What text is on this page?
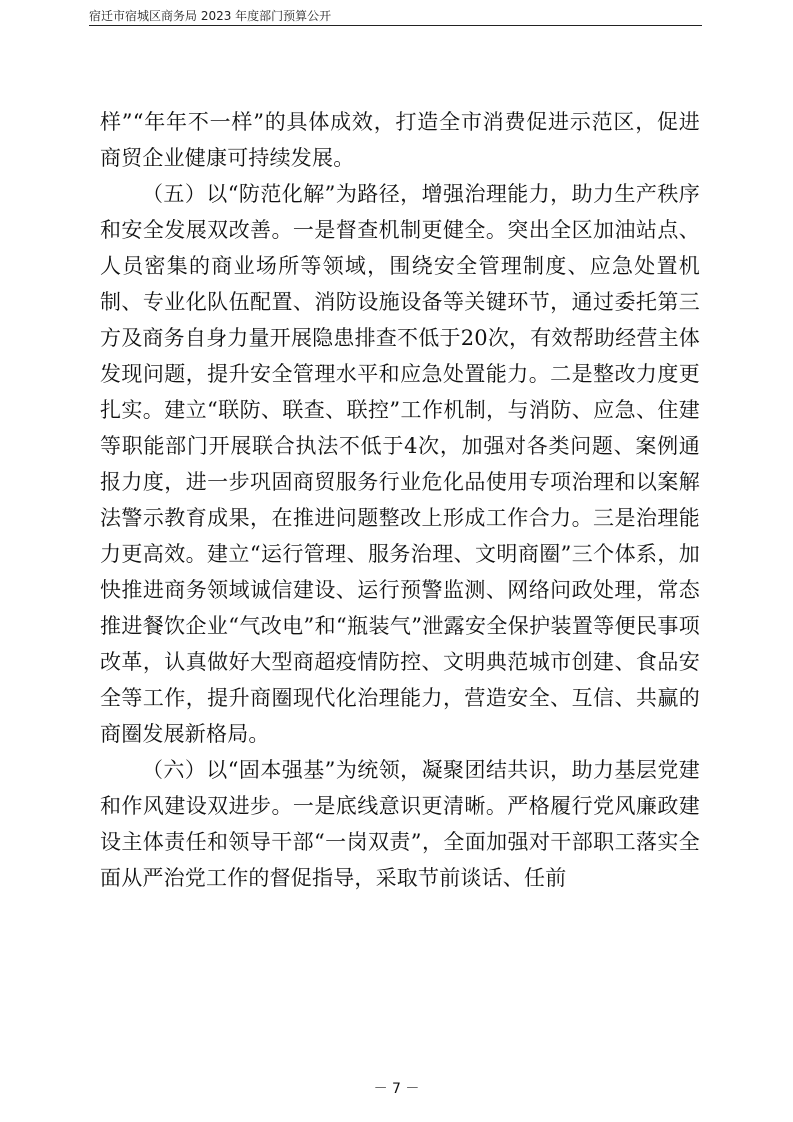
宿迁市宿城区商务局 2023 年度部门预算公开

样”“年年不一样”的具体成效，打造全市消费促进示范区，促进商贸企业健康可持续发展。

（五）以“防范化解”为路径，增强治理能力，助力生产秩序和安全发展双改善。一是督查机制更健全。突出全区加油站点、人员密集的商业场所等领域，围绕安全管理制度、应急处置机制、专业化队伍配置、消防设施设备等关键环节，通过委托第三方及商务自身力量开展隐患排查不低于20次，有效帮助经营主体发现问题，提升安全管理水平和应急处置能力。二是整改力度更扎实。建立“联防、联查、联控”工作机制，与消防、应急、住建等职能部门开展联合执法不低于4次，加强对各类问题、案例通报力度，进一步巩固商贸服务行业危化品使用专项治理和以案解法警示教育成果，在推进问题整改上形成工作合力。三是治理能力更高效。建立“运行管理、服务治理、文明商圈”三个体系，加快推进商务领域诚信建设、运行预警监测、网络问政处理，常态推进餐饮企业“气改电”和“瓶装气”泄露安全保护装置等便民事项改革，认真做好大型商超疫情防控、文明典范城市创建、食品安全等工作，提升商圈现代化治理能力，营造安全、互信、共赢的商圈发展新格局。

（六）以“固本强基”为统领，凝聚团结共识，助力基层党建和作风建设双进步。一是底线意识更清晰。严格履行党风廉政建设主体责任和领导干部“一岗双责”，全面加强对干部职工落实全面从严治党工作的督促指导，采取节前谈话、任前

－ 7 －
